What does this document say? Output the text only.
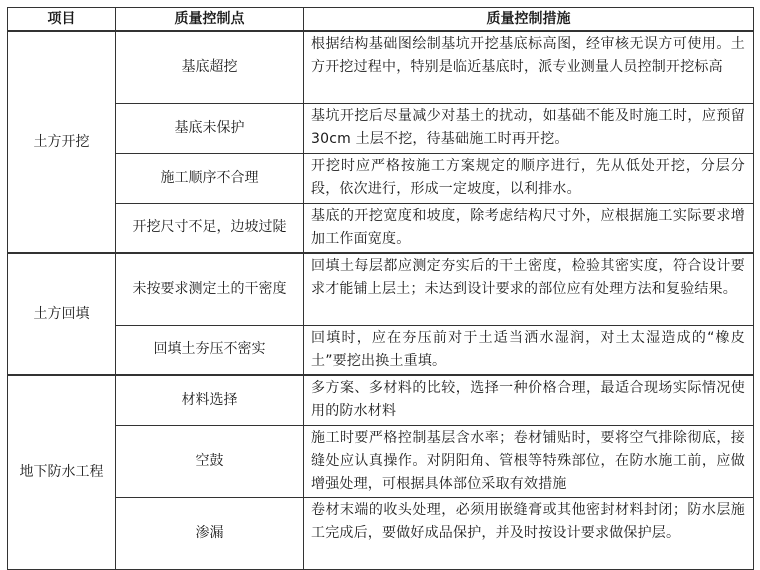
项目	质量控制点	质量控制措施
土方开挖	基底超挖	根据结构基础图绘制基坑开挖基底标高图，经审核无误方可使用。土方开挖过程中，特别是临近基底时，派专业测量人员控制开挖标高
	基底未保护	基坑开挖后尽量减少对基土的扰动，如基础不能及时施工时，应预留 30cm 土层不挖，待基础施工时再开挖。
	施工顺序不合理	开挖时应严格按施工方案规定的顺序进行，先从低处开挖，分层分段，依次进行，形成一定坡度，以利排水。
	开挖尺寸不足，边坡过陡	基底的开挖宽度和坡度，除考虑结构尺寸外，应根据施工实际要求增加工作面宽度。
土方回填	未按要求测定土的干密度	回填土每层都应测定夯实后的干土密度，检验其密实度，符合设计要求才能铺上层土；未达到设计要求的部位应有处理方法和复验结果。
	回填土夯压不密实	回填时，应在夯压前对于土适当洒水湿润，对土太湿造成的“橡皮土”要挖出换土重填。
地下防水工程	材料选择	多方案、多材料的比较，选择一种价格合理，最适合现场实际情况使用的防水材料
	空鼓	施工时要严格控制基层含水率；卷材铺贴时，要将空气排除彻底，接缝处应认真操作。对阴阳角、管根等特殊部位，在防水施工前，应做增强处理，可根据具体部位采取有效措施
	渗漏	卷材末端的收头处理，必须用嵌缝膏或其他密封材料封闭；防水层施工完成后，要做好成品保护，并及时按设计要求做保护层。
